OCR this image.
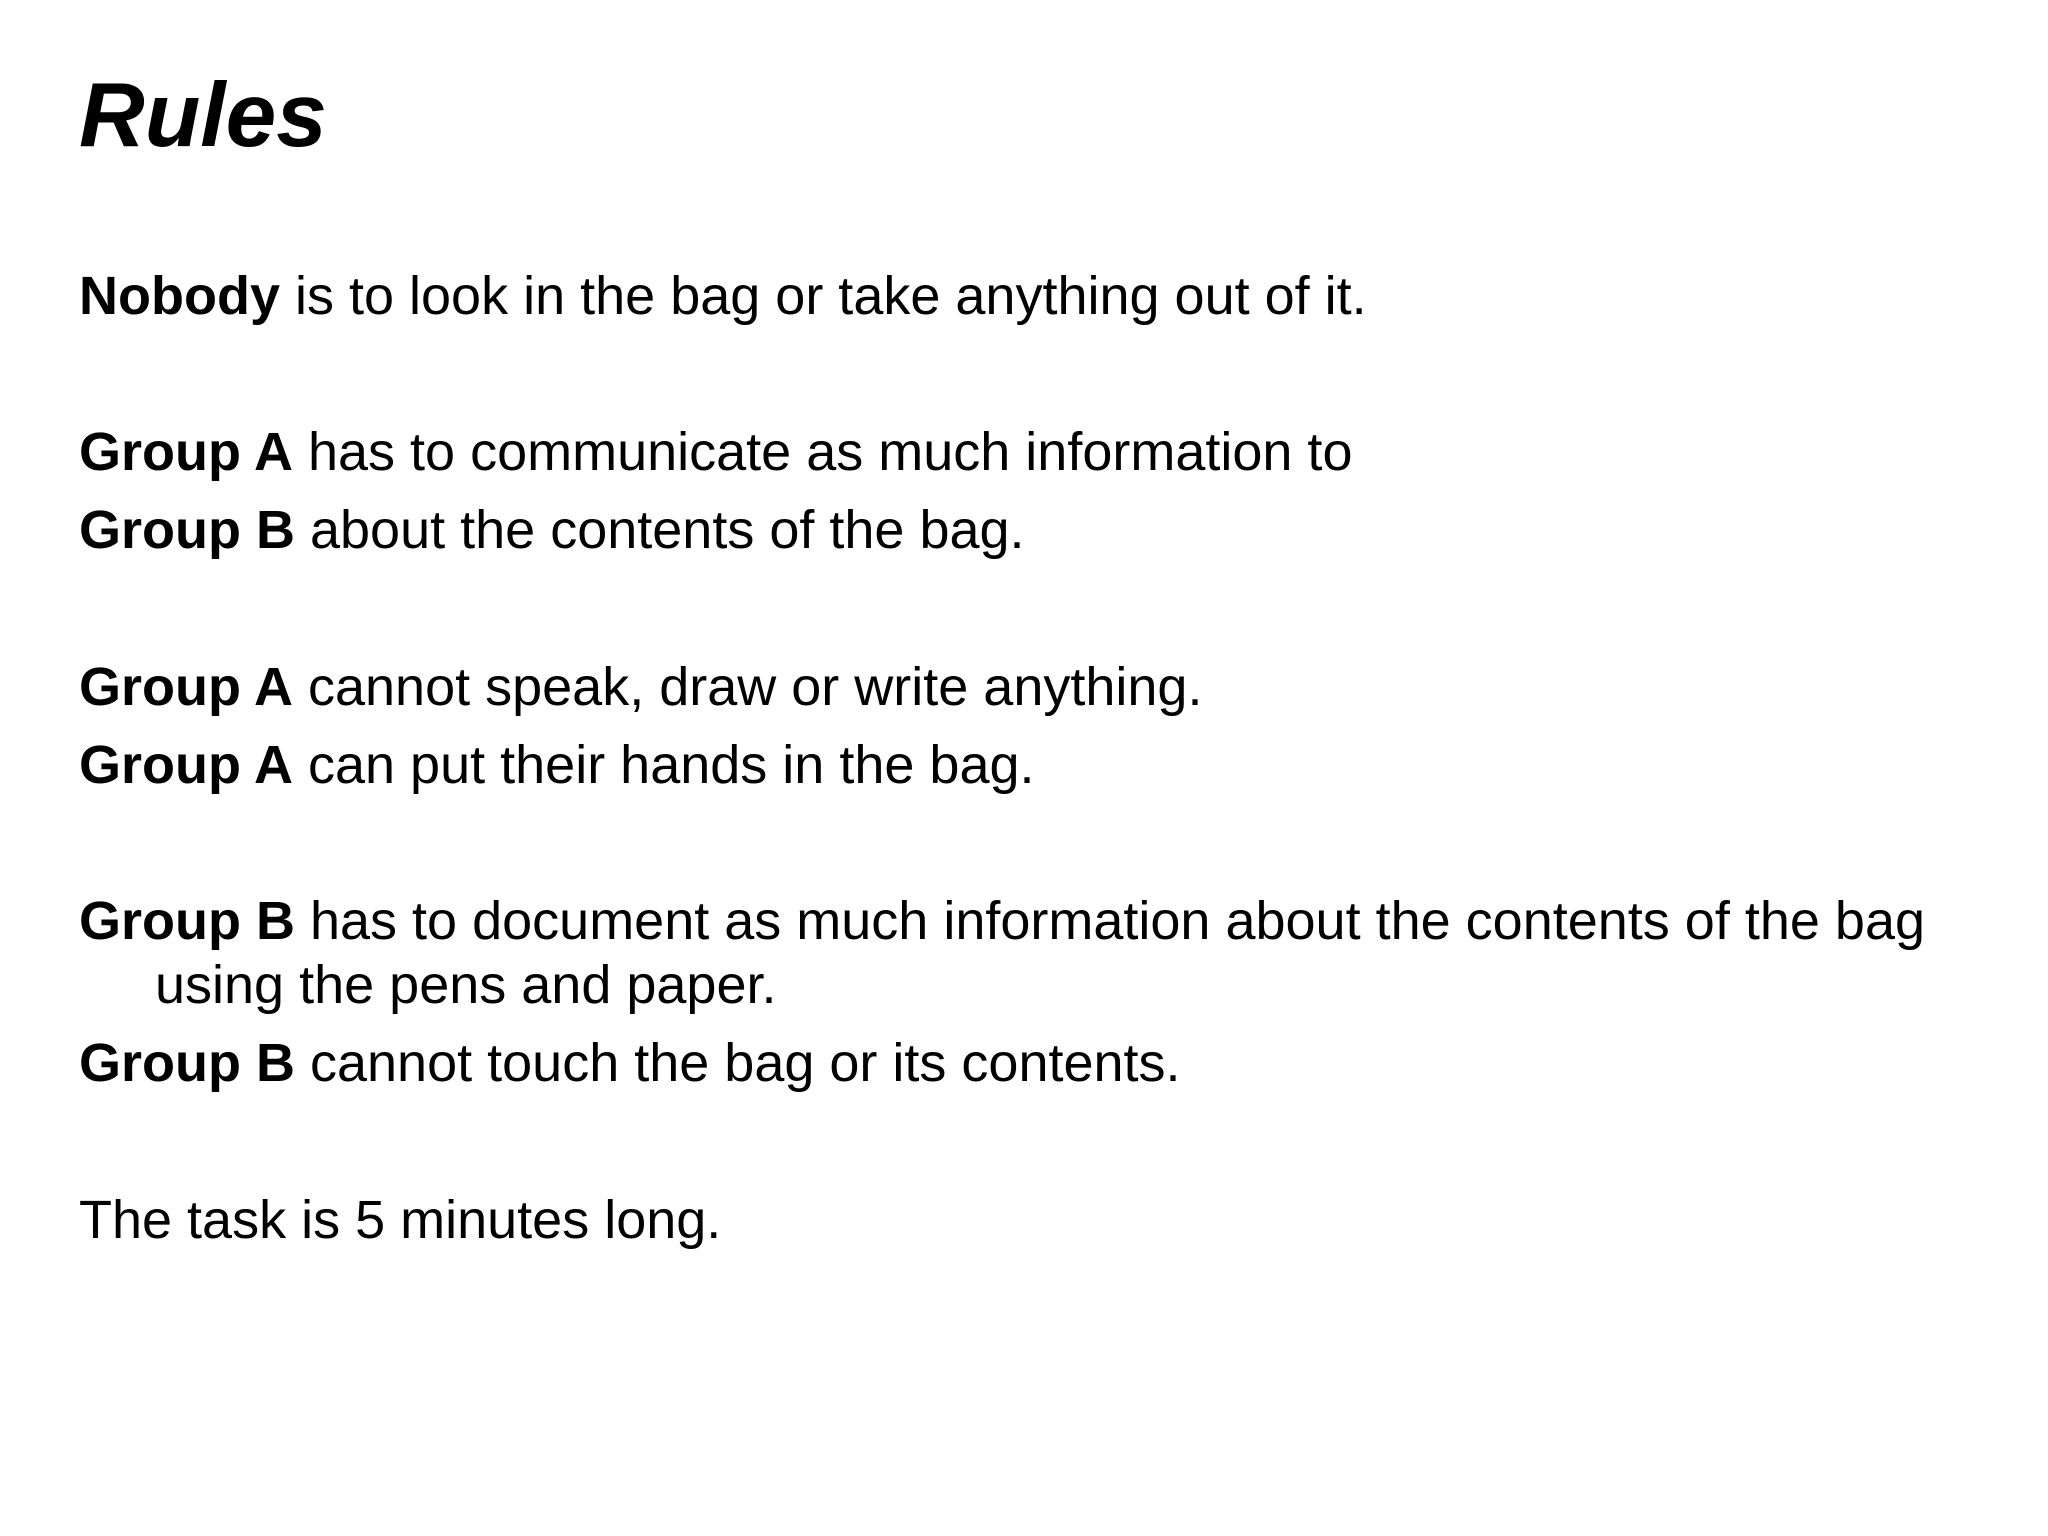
Rules

Nobody is to look in the bag or take anything out of it.

Group A has to communicate as much information to

Group B about the contents of the bag.

Group A cannot speak, draw or write anything.

Group A can put their hands in the bag.

Group B has to document as much information about the contents of the bag

using the pens and paper.

Group B cannot touch the bag or its contents.

The task is 5 minutes long.
